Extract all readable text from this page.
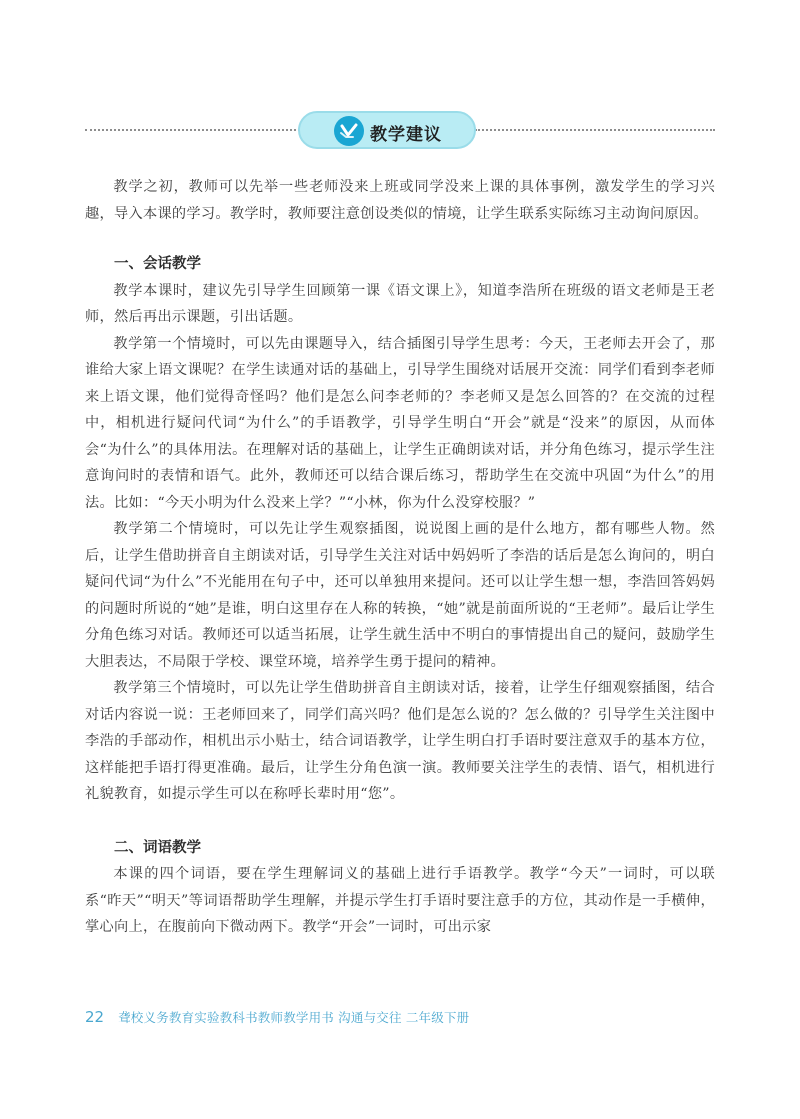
教学建议

教学之初，教师可以先举一些老师没来上班或同学没来上课的具体事例，激发学生的学习兴趣，导入本课的学习。教学时，教师要注意创设类似的情境，让学生联系实际练习主动询问原因。

一、会话教学

教学本课时，建议先引导学生回顾第一课《语文课上》，知道李浩所在班级的语文老师是王老师，然后再出示课题，引出话题。

教学第一个情境时，可以先由课题导入，结合插图引导学生思考：今天，王老师去开会了，那谁给大家上语文课呢？在学生读通对话的基础上，引导学生围绕对话展开交流：同学们看到李老师来上语文课，他们觉得奇怪吗？他们是怎么问李老师的？李老师又是怎么回答的？在交流的过程中，相机进行疑问代词“为什么”的手语教学，引导学生明白“开会”就是“没来”的原因，从而体会“为什么”的具体用法。在理解对话的基础上，让学生正确朗读对话，并分角色练习，提示学生注意询问时的表情和语气。此外，教师还可以结合课后练习，帮助学生在交流中巩固“为什么”的用法。比如：“今天小明为什么没来上学？”“小林，你为什么没穿校服？”

教学第二个情境时，可以先让学生观察插图，说说图上画的是什么地方，都有哪些人物。然后，让学生借助拼音自主朗读对话，引导学生关注对话中妈妈听了李浩的话后是怎么询问的，明白疑问代词“为什么”不光能用在句子中，还可以单独用来提问。还可以让学生想一想，李浩回答妈妈的问题时所说的“她”是谁，明白这里存在人称的转换，“她”就是前面所说的“王老师”。最后让学生分角色练习对话。教师还可以适当拓展，让学生就生活中不明白的事情提出自己的疑问，鼓励学生大胆表达，不局限于学校、课堂环境，培养学生勇于提问的精神。

教学第三个情境时，可以先让学生借助拼音自主朗读对话，接着，让学生仔细观察插图，结合对话内容说一说：王老师回来了，同学们高兴吗？他们是怎么说的？怎么做的？引导学生关注图中李浩的手部动作，相机出示小贴士，结合词语教学，让学生明白打手语时要注意双手的基本方位，这样能把手语打得更准确。最后，让学生分角色演一演。教师要关注学生的表情、语气，相机进行礼貌教育，如提示学生可以在称呼长辈时用“您”。

二、词语教学

本课的四个词语，要在学生理解词义的基础上进行手语教学。教学“今天”一词时，可以联系“昨天”“明天”等词语帮助学生理解，并提示学生打手语时要注意手的方位，其动作是一手横伸，掌心向上，在腹前向下微动两下。教学“开会”一词时，可出示家

22 聋校义务教育实验教科书教师教学用书 沟通与交往 二年级下册
